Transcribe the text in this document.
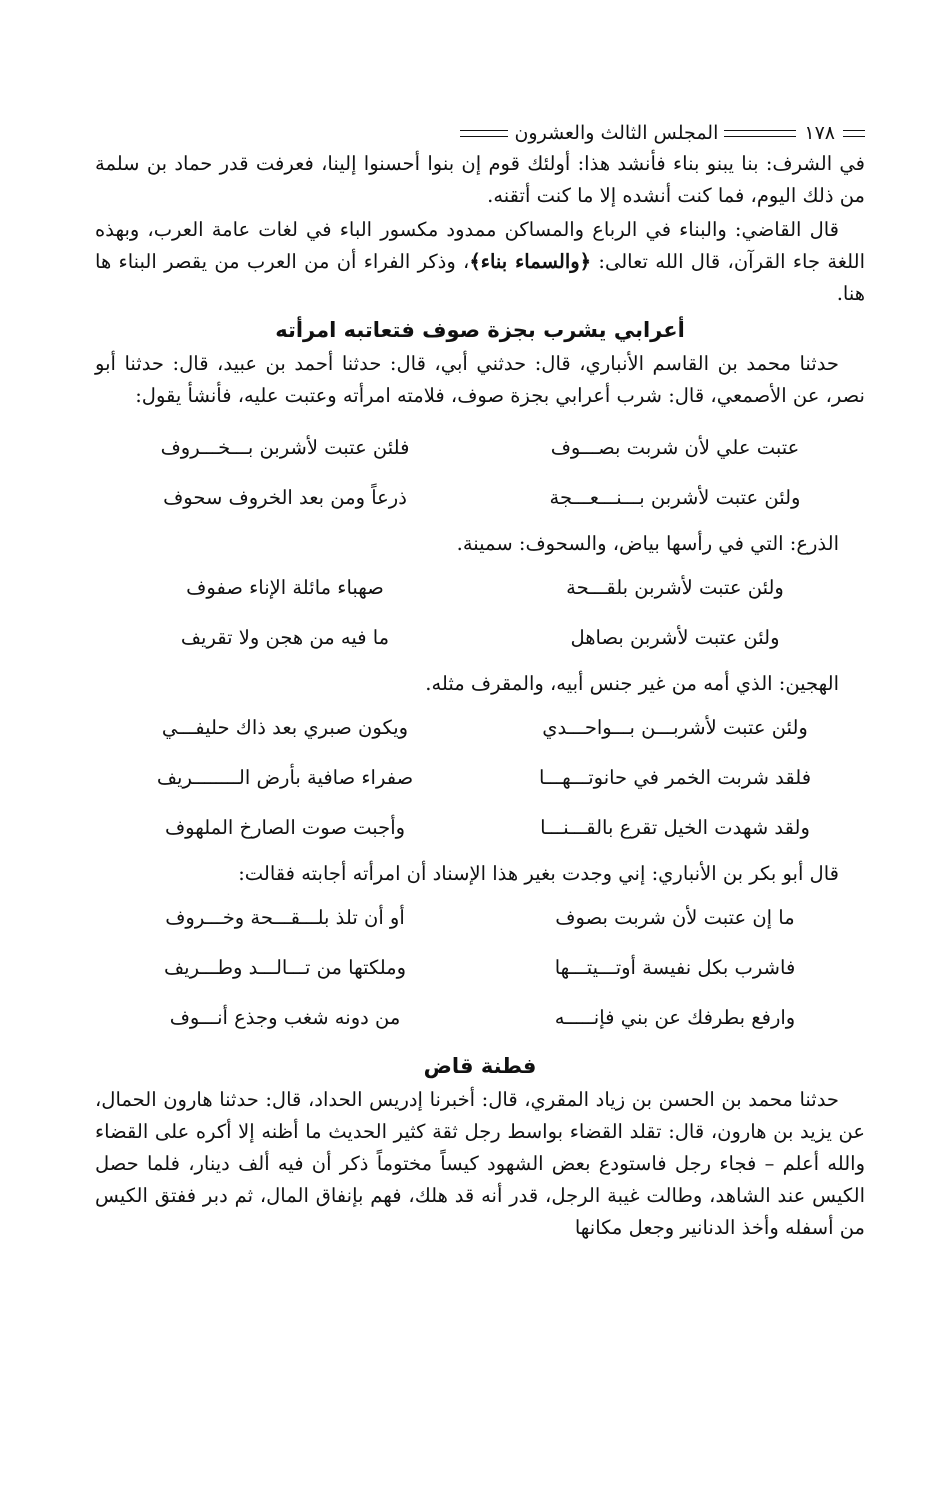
١٧٨
المجلس الثالث والعشرون

في الشرف: بنا يبنو بناء فأنشد هذا: أولئك قوم إن بنوا أحسنوا إلينا، فعرفت قدر حماد بن سلمة من ذلك اليوم، فما كنت أنشده إلا ما كنت أتقنه.

قال القاضي: والبناء في الرباع والمساكن ممدود مكسور الباء في لغات عامة العرب، وبهذه اللغة جاء القرآن، قال الله تعالى: ﴿والسماء بناء﴾، وذكر الفراء أن من العرب من يقصر البناء ها هنا.

أعرابي يشرب بجزة صوف فتعاتبه امرأته

حدثنا محمد بن القاسم الأنباري، قال: حدثني أبي، قال: حدثنا أحمد بن عبيد، قال: حدثنا أبو نصر، عن الأصمعي، قال: شرب أعرابي بجزة صوف، فلامته امرأته وعتبت عليه، فأنشأ يقول:

عتبت علي لأن شربت بصـــوف
فلئن عتبت لأشربن بـــخـــروف
ولئن عتبت لأشربن بـــنـــعـــجة
ذرعاً ومن بعد الخروف سحوف

الذرع: التي في رأسها بياض، والسحوف: سمينة.

ولئن عتبت لأشربن بلقـــحة
صهباء مائلة الإناء صفوف
ولئن عتبت لأشربن بصاهل
ما فيه من هجن ولا تقريف

الهجين: الذي أمه من غير جنس أبيه، والمقرف مثله.

ولئن عتبت لأشربـــن بـــواحـــدي
ويكون صبري بعد ذاك حليفـــي
فلقد شربت الخمر في حانوتـــهـــا
صفراء صافية بأرض الــــــــريف
ولقد شهدت الخيل تقرع بالقـــنـــا
وأجبت صوت الصارخ الملهوف

قال أبو بكر بن الأنباري: إني وجدت بغير هذا الإسناد أن امرأته أجابته فقالت:

ما إن عتبت لأن شربت بصوف
أو أن تلذ بلـــقـــحة وخـــروف
فاشرب بكل نفيسة أوتـــيتـــها
وملكتها من تـــالـــد وطـــريف
وارفع بطرفك عن بني فإنـــــه
من دونه شغب وجذع أنـــوف
فطنة قاض

حدثنا محمد بن الحسن بن زياد المقري، قال: أخبرنا إدريس الحداد، قال: حدثنا هارون الحمال، عن يزيد بن هارون، قال: تقلد القضاء بواسط رجل ثقة كثير الحديث ما أظنه إلا أكره على القضاء والله أعلم – فجاء رجل فاستودع بعض الشهود كيساً مختوماً ذكر أن فيه ألف دينار، فلما حصل الكيس عند الشاهد، وطالت غيبة الرجل، قدر أنه قد هلك، فهم بإنفاق المال، ثم دبر ففتق الكيس من أسفله وأخذ الدنانير وجعل مكانها
